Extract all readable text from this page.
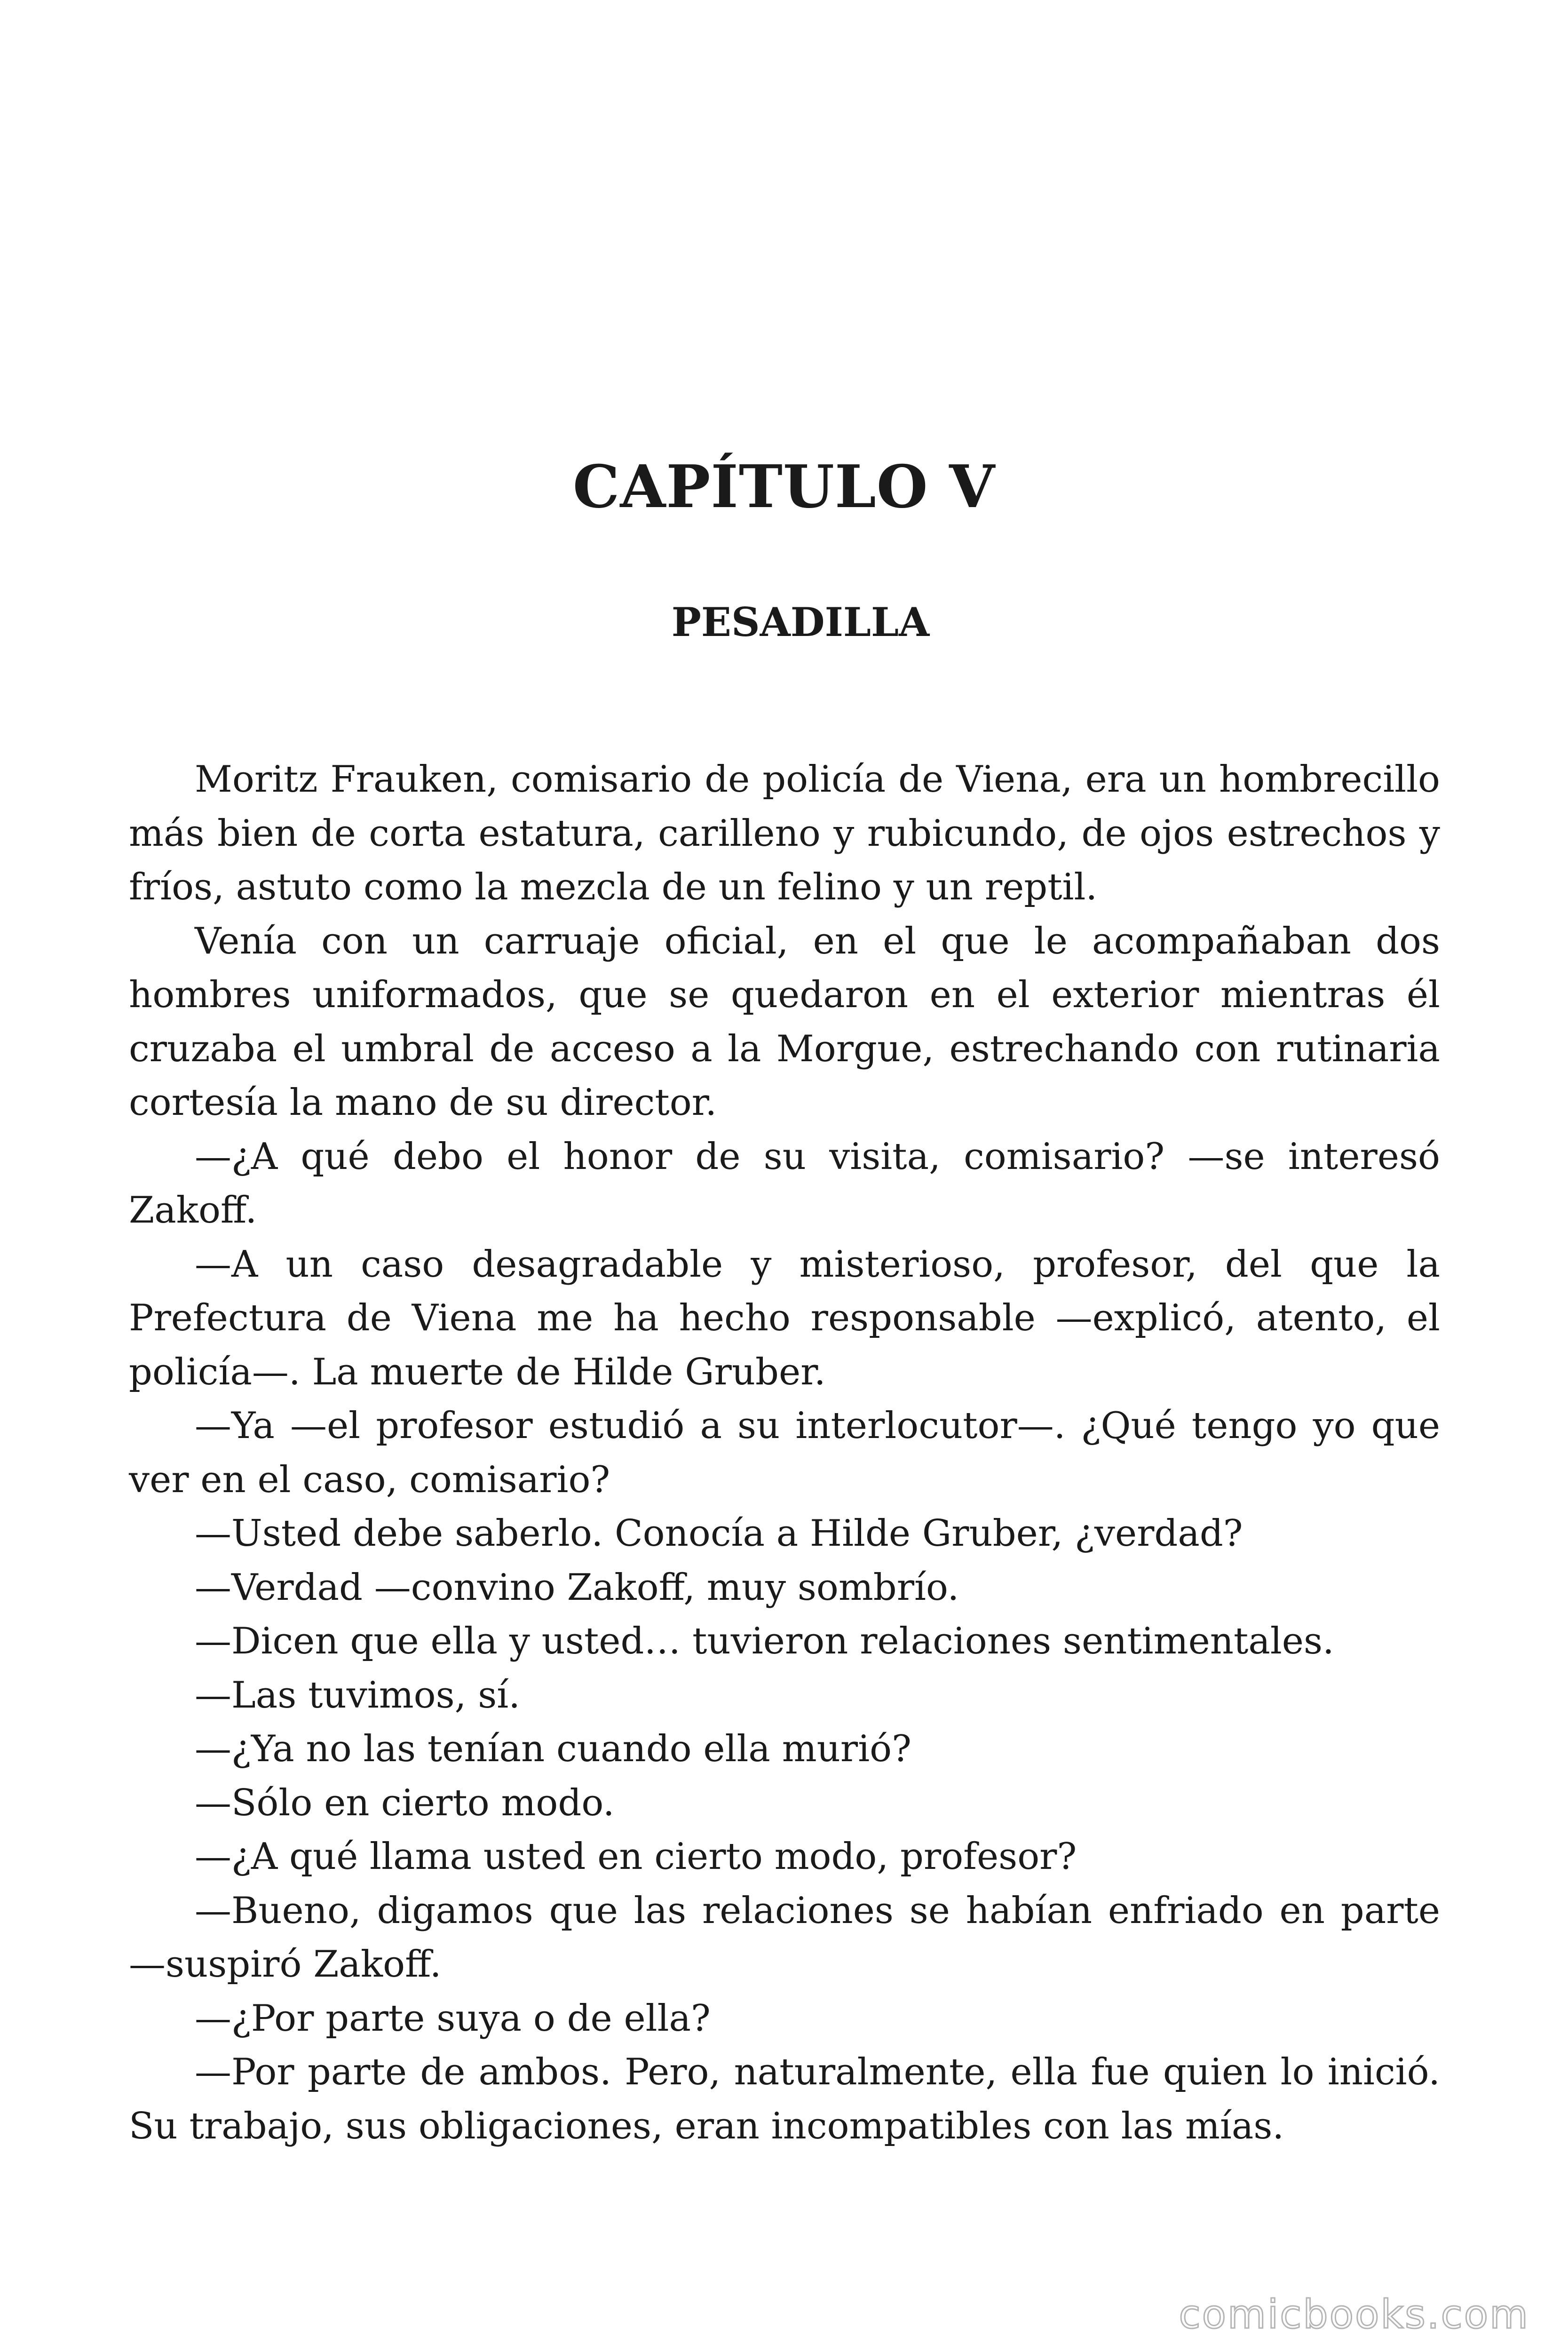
CAPÍTULO V
PESADILLA

Moritz Frauken, comisario de policía de Viena, era un hombrecillo más bien de corta estatura, carilleno y rubicundo, de ojos estrechos y fríos, astuto como la mezcla de un felino y un reptil.

Venía con un carruaje oficial, en el que le acompañaban dos hombres uniformados, que se quedaron en el exterior mientras él cruzaba el umbral de acceso a la Morgue, estrechando con rutinaria cortesía la mano de su director.

—¿A qué debo el honor de su visita, comisario? —se interesó Zakoff.

—A un caso desagradable y misterioso, profesor, del que la Prefectura de Viena me ha hecho responsable —explicó, atento, el policía—. La muerte de Hilde Gruber.

—Ya —el profesor estudió a su interlocutor—. ¿Qué tengo yo que ver en el caso, comisario?

—Usted debe saberlo. Conocía a Hilde Gruber, ¿verdad?

—Verdad —convino Zakoff, muy sombrío.

—Dicen que ella y usted… tuvieron relaciones sentimentales.

—Las tuvimos, sí.

—¿Ya no las tenían cuando ella murió?

—Sólo en cierto modo.

—¿A qué llama usted en cierto modo, profesor?

—Bueno, digamos que las relaciones se habían enfriado en parte —suspiró Zakoff.

—¿Por parte suya o de ella?

—Por parte de ambos. Pero, naturalmente, ella fue quien lo inició. Su trabajo, sus obligaciones, eran incompatibles con las mías.

comicbooks.com
